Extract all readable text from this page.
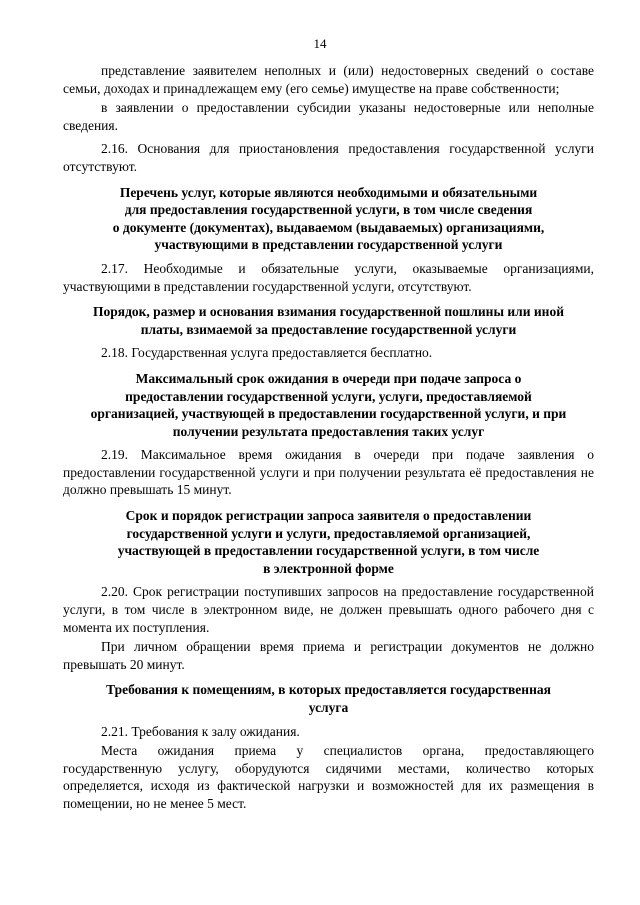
14

представление заявителем неполных и (или) недостоверных сведений о составе семьи, доходах и принадлежащем ему (его семье) имуществе на праве собственности;

в заявлении о предоставлении субсидии указаны недостоверные или неполные сведения.

2.16. Основания для приостановления предоставления государственной услуги отсутствуют.

Перечень услуг, которые являются необходимыми и обязательными
для предоставления государственной услуги, в том числе сведения
о документе (документах), выдаваемом (выдаваемых) организациями,
участвующими в представлении государственной услуги

2.17. Необходимые и обязательные услуги, оказываемые организациями, участвующими в представлении государственной услуги, отсутствуют.

Порядок, размер и основания взимания государственной пошлины или иной
платы, взимаемой за предоставление государственной услуги

2.18. Государственная услуга предоставляется бесплатно.

Максимальный срок ожидания в очереди при подаче запроса о
предоставлении государственной услуги, услуги, предоставляемой
организацией, участвующей в предоставлении государственной услуги, и при
получении результата предоставления таких услуг

2.19. Максимальное время ожидания в очереди при подаче заявления о предоставлении государственной услуги и при получении результата её предоставления не должно превышать 15 минут.

Срок и порядок регистрации запроса заявителя о предоставлении
государственной услуги и услуги, предоставляемой организацией,
участвующей в предоставлении государственной услуги, в том числе
в электронной форме

2.20. Срок регистрации поступивших запросов на предоставление государственной услуги, в том числе в электронном виде, не должен превышать одного рабочего дня с момента их поступления.

При личном обращении время приема и регистрации документов не должно превышать 20 минут.

Требования к помещениям, в которых предоставляется государственная
услуга

2.21. Требования к залу ожидания.

Места ожидания приема у специалистов органа, предоставляющего государственную услугу, оборудуются сидячими местами, количество которых определяется, исходя из фактической нагрузки и возможностей для их размещения в помещении, но не менее 5 мест.
